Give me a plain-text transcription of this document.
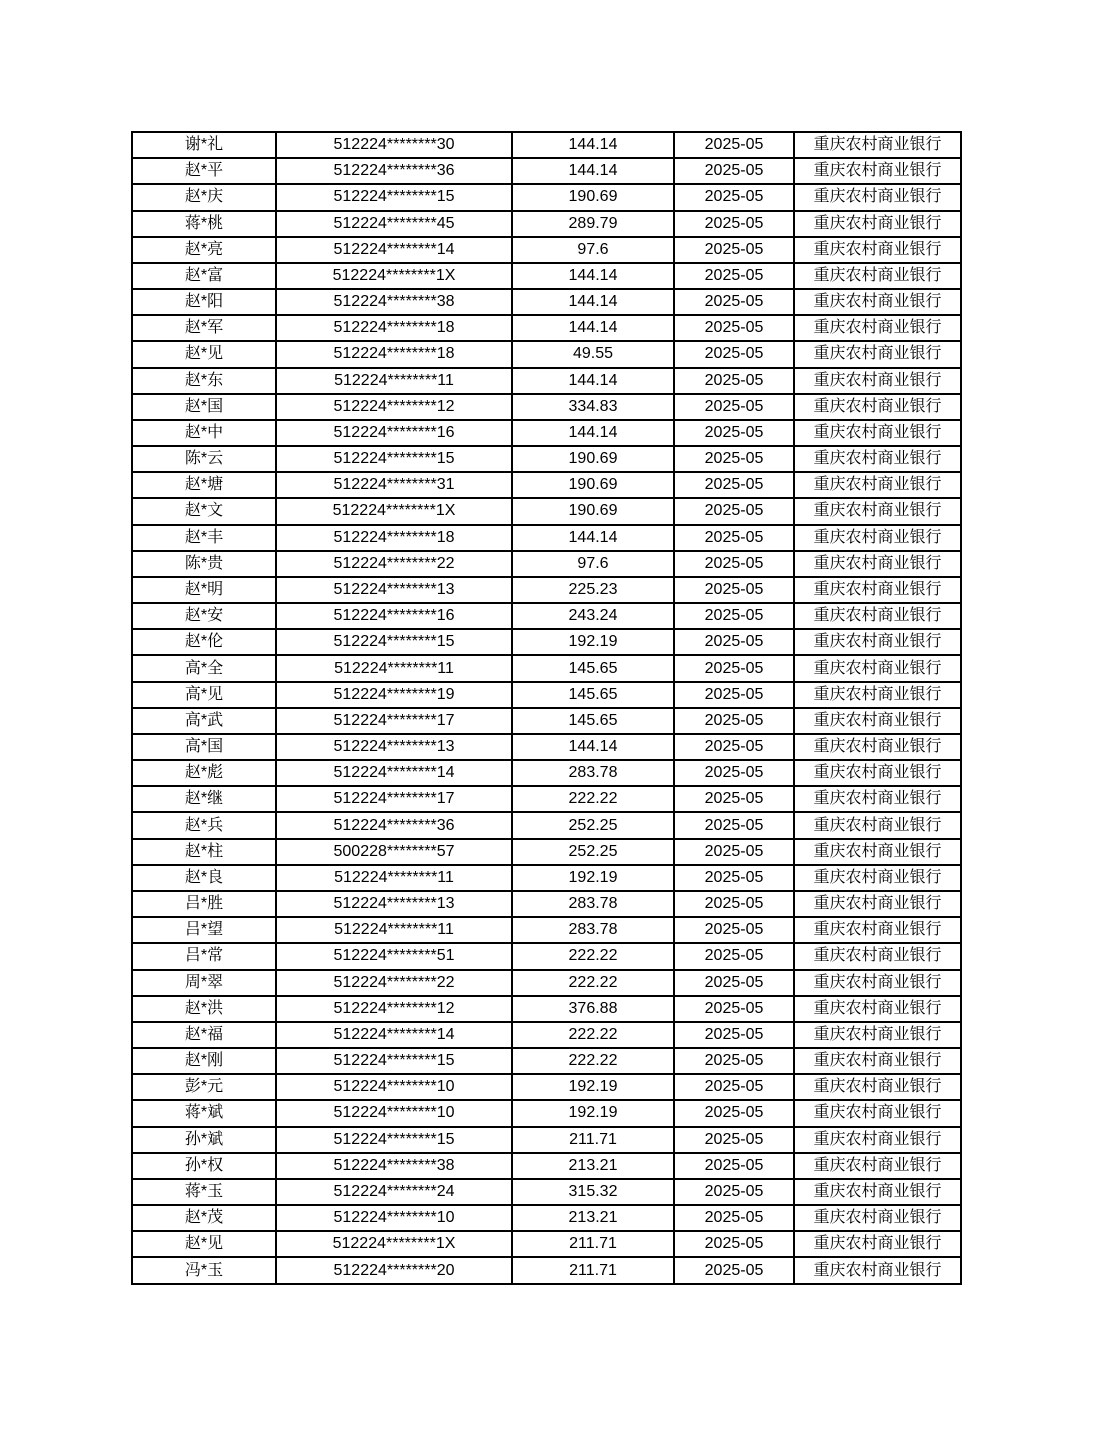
谢*礼	512224********30	144.14	2025-05	重庆农村商业银行
赵*平	512224********36	144.14	2025-05	重庆农村商业银行
赵*庆	512224********15	190.69	2025-05	重庆农村商业银行
蒋*桃	512224********45	289.79	2025-05	重庆农村商业银行
赵*亮	512224********14	97.6	2025-05	重庆农村商业银行
赵*富	512224********1X	144.14	2025-05	重庆农村商业银行
赵*阳	512224********38	144.14	2025-05	重庆农村商业银行
赵*军	512224********18	144.14	2025-05	重庆农村商业银行
赵*见	512224********18	49.55	2025-05	重庆农村商业银行
赵*东	512224********11	144.14	2025-05	重庆农村商业银行
赵*国	512224********12	334.83	2025-05	重庆农村商业银行
赵*中	512224********16	144.14	2025-05	重庆农村商业银行
陈*云	512224********15	190.69	2025-05	重庆农村商业银行
赵*塘	512224********31	190.69	2025-05	重庆农村商业银行
赵*文	512224********1X	190.69	2025-05	重庆农村商业银行
赵*丰	512224********18	144.14	2025-05	重庆农村商业银行
陈*贵	512224********22	97.6	2025-05	重庆农村商业银行
赵*明	512224********13	225.23	2025-05	重庆农村商业银行
赵*安	512224********16	243.24	2025-05	重庆农村商业银行
赵*伦	512224********15	192.19	2025-05	重庆农村商业银行
高*全	512224********11	145.65	2025-05	重庆农村商业银行
高*见	512224********19	145.65	2025-05	重庆农村商业银行
高*武	512224********17	145.65	2025-05	重庆农村商业银行
高*国	512224********13	144.14	2025-05	重庆农村商业银行
赵*彪	512224********14	283.78	2025-05	重庆农村商业银行
赵*继	512224********17	222.22	2025-05	重庆农村商业银行
赵*兵	512224********36	252.25	2025-05	重庆农村商业银行
赵*柱	500228********57	252.25	2025-05	重庆农村商业银行
赵*良	512224********11	192.19	2025-05	重庆农村商业银行
吕*胜	512224********13	283.78	2025-05	重庆农村商业银行
吕*望	512224********11	283.78	2025-05	重庆农村商业银行
吕*常	512224********51	222.22	2025-05	重庆农村商业银行
周*翠	512224********22	222.22	2025-05	重庆农村商业银行
赵*洪	512224********12	376.88	2025-05	重庆农村商业银行
赵*福	512224********14	222.22	2025-05	重庆农村商业银行
赵*刚	512224********15	222.22	2025-05	重庆农村商业银行
彭*元	512224********10	192.19	2025-05	重庆农村商业银行
蒋*斌	512224********10	192.19	2025-05	重庆农村商业银行
孙*斌	512224********15	211.71	2025-05	重庆农村商业银行
孙*权	512224********38	213.21	2025-05	重庆农村商业银行
蒋*玉	512224********24	315.32	2025-05	重庆农村商业银行
赵*茂	512224********10	213.21	2025-05	重庆农村商业银行
赵*见	512224********1X	211.71	2025-05	重庆农村商业银行
冯*玉	512224********20	211.71	2025-05	重庆农村商业银行
